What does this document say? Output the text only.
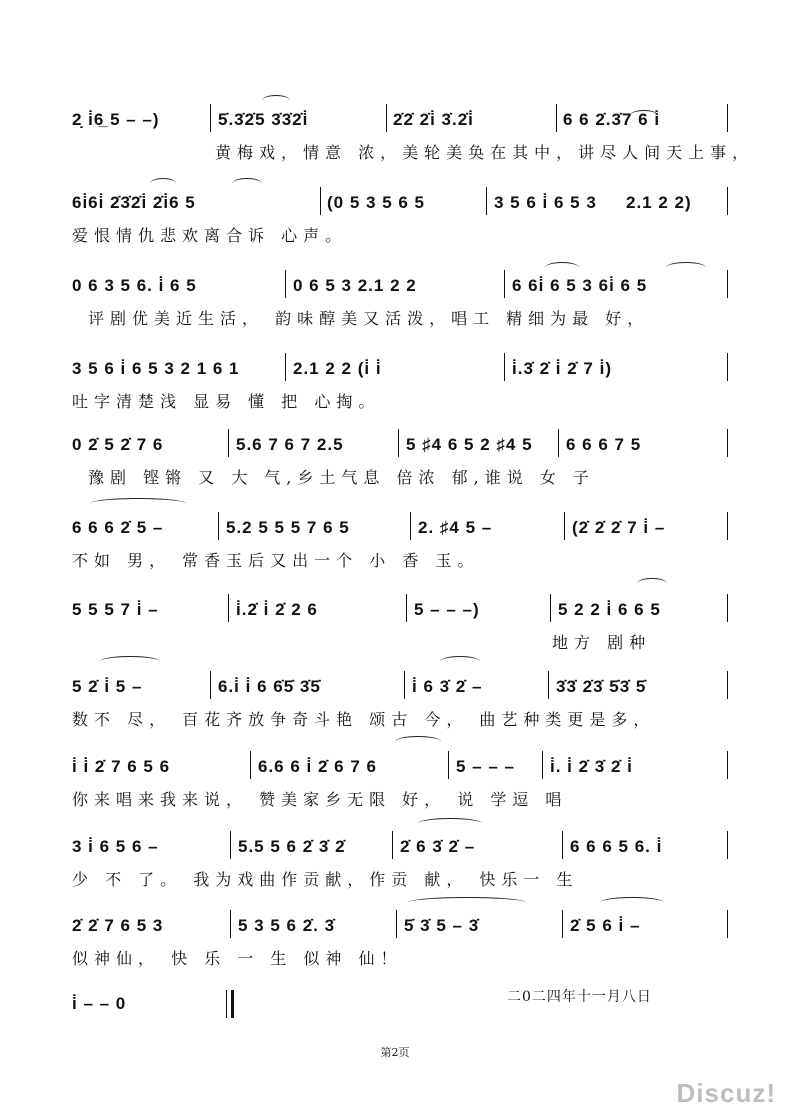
2̣ i̇6̲ 5 – –)	5̇.3̇2̇5 3̇3̇2̇i̇	2̇2̇ 2̇i̇ 3̇.2̇i̇	6 6 2̇.3̇7 6 i̇
黄梅戏，情意 浓，美轮美奂在其中，讲尽人间天上事，
6i̇6i̇ 2̇3̇2̇i̇ 2̇i̇6 5	(0 5 3 5 6 5	3 5 6 i̇ 6 5 3 2.1 2 2)
爱恨情仇悲欢离合诉 心声。
0 6 3 5 6. i̇ 6 5	0 6 5 3 2.1 2 2	6 6i̇ 6 5 3 6i̇ 6 5
评剧优美近生活， 韵味醇美又活泼，唱工 精细为最 好，
3 5 6 i̇ 6 5 3 2 1 6 1	2.1 2 2 (i̇ i̇	i̇.3̇ 2̇ i̇ 2̇ 7 i̇)
吐字清楚浅 显易 懂 把 心掏。
0 2̇ 5 2̇ 7 6	5.6 7 6 7 2.5	5 ♯4 6 5 2 ♯4 5 6 6 6 7 5
豫剧 铿锵 又 大 气,乡土气息 倍浓 郁,谁说 女 子
6 6 6 2̇ 5 –	5.2 5 5 5 7 6 5	2. ♯4 5 –	(2̇ 2̇ 2̇ 7 i̇ –
不如 男， 常香玉后又出一个 小 香 玉。
5 5 5 7 i̇ –	i̇.2̇ i̇ 2̇ 2 6	5 – – –)	5 2 2 i̇ 6 6 5
地方 剧种
5 2̇ i̇ 5 –	6.i̇ i̇ 6 6̇5̇ 3̇5̇	i̇ 6 3̇ 2̇ –	3̇3̇ 2̇3̇ 5̇3̇ 5̇
数不 尽， 百花齐放争奇斗艳 颂古 今， 曲艺种类更是多，
i̇ i̇ 2̇ 7 6 5 6	6.6 6 i̇ 2̇ 6 7 6	5 – – – i̇. i̇ 2̇ 3̇ 2̇ i̇
你来唱来我来说， 赞美家乡无限 好， 说 学逗 唱
3 i̇ 6 5 6 –	5.5 5 6 2̇ 3̇ 2̇	2̇ 6 3̇ 2̇ –	6 6 6 5 6. i̇
少 不 了。 我为戏曲作贡献，作贡 献， 快乐一 生
2̇ 2̇ 7 6 5 3	5 3 5 6 2̇. 3̇	5̇ 3̇ 5 – 3̇	2̇ 5 6 i̇ –
似神仙， 快 乐 一 生 似神 仙！
i̇ – – 0	二0二四年十一月八日
第2页
Discuz!
